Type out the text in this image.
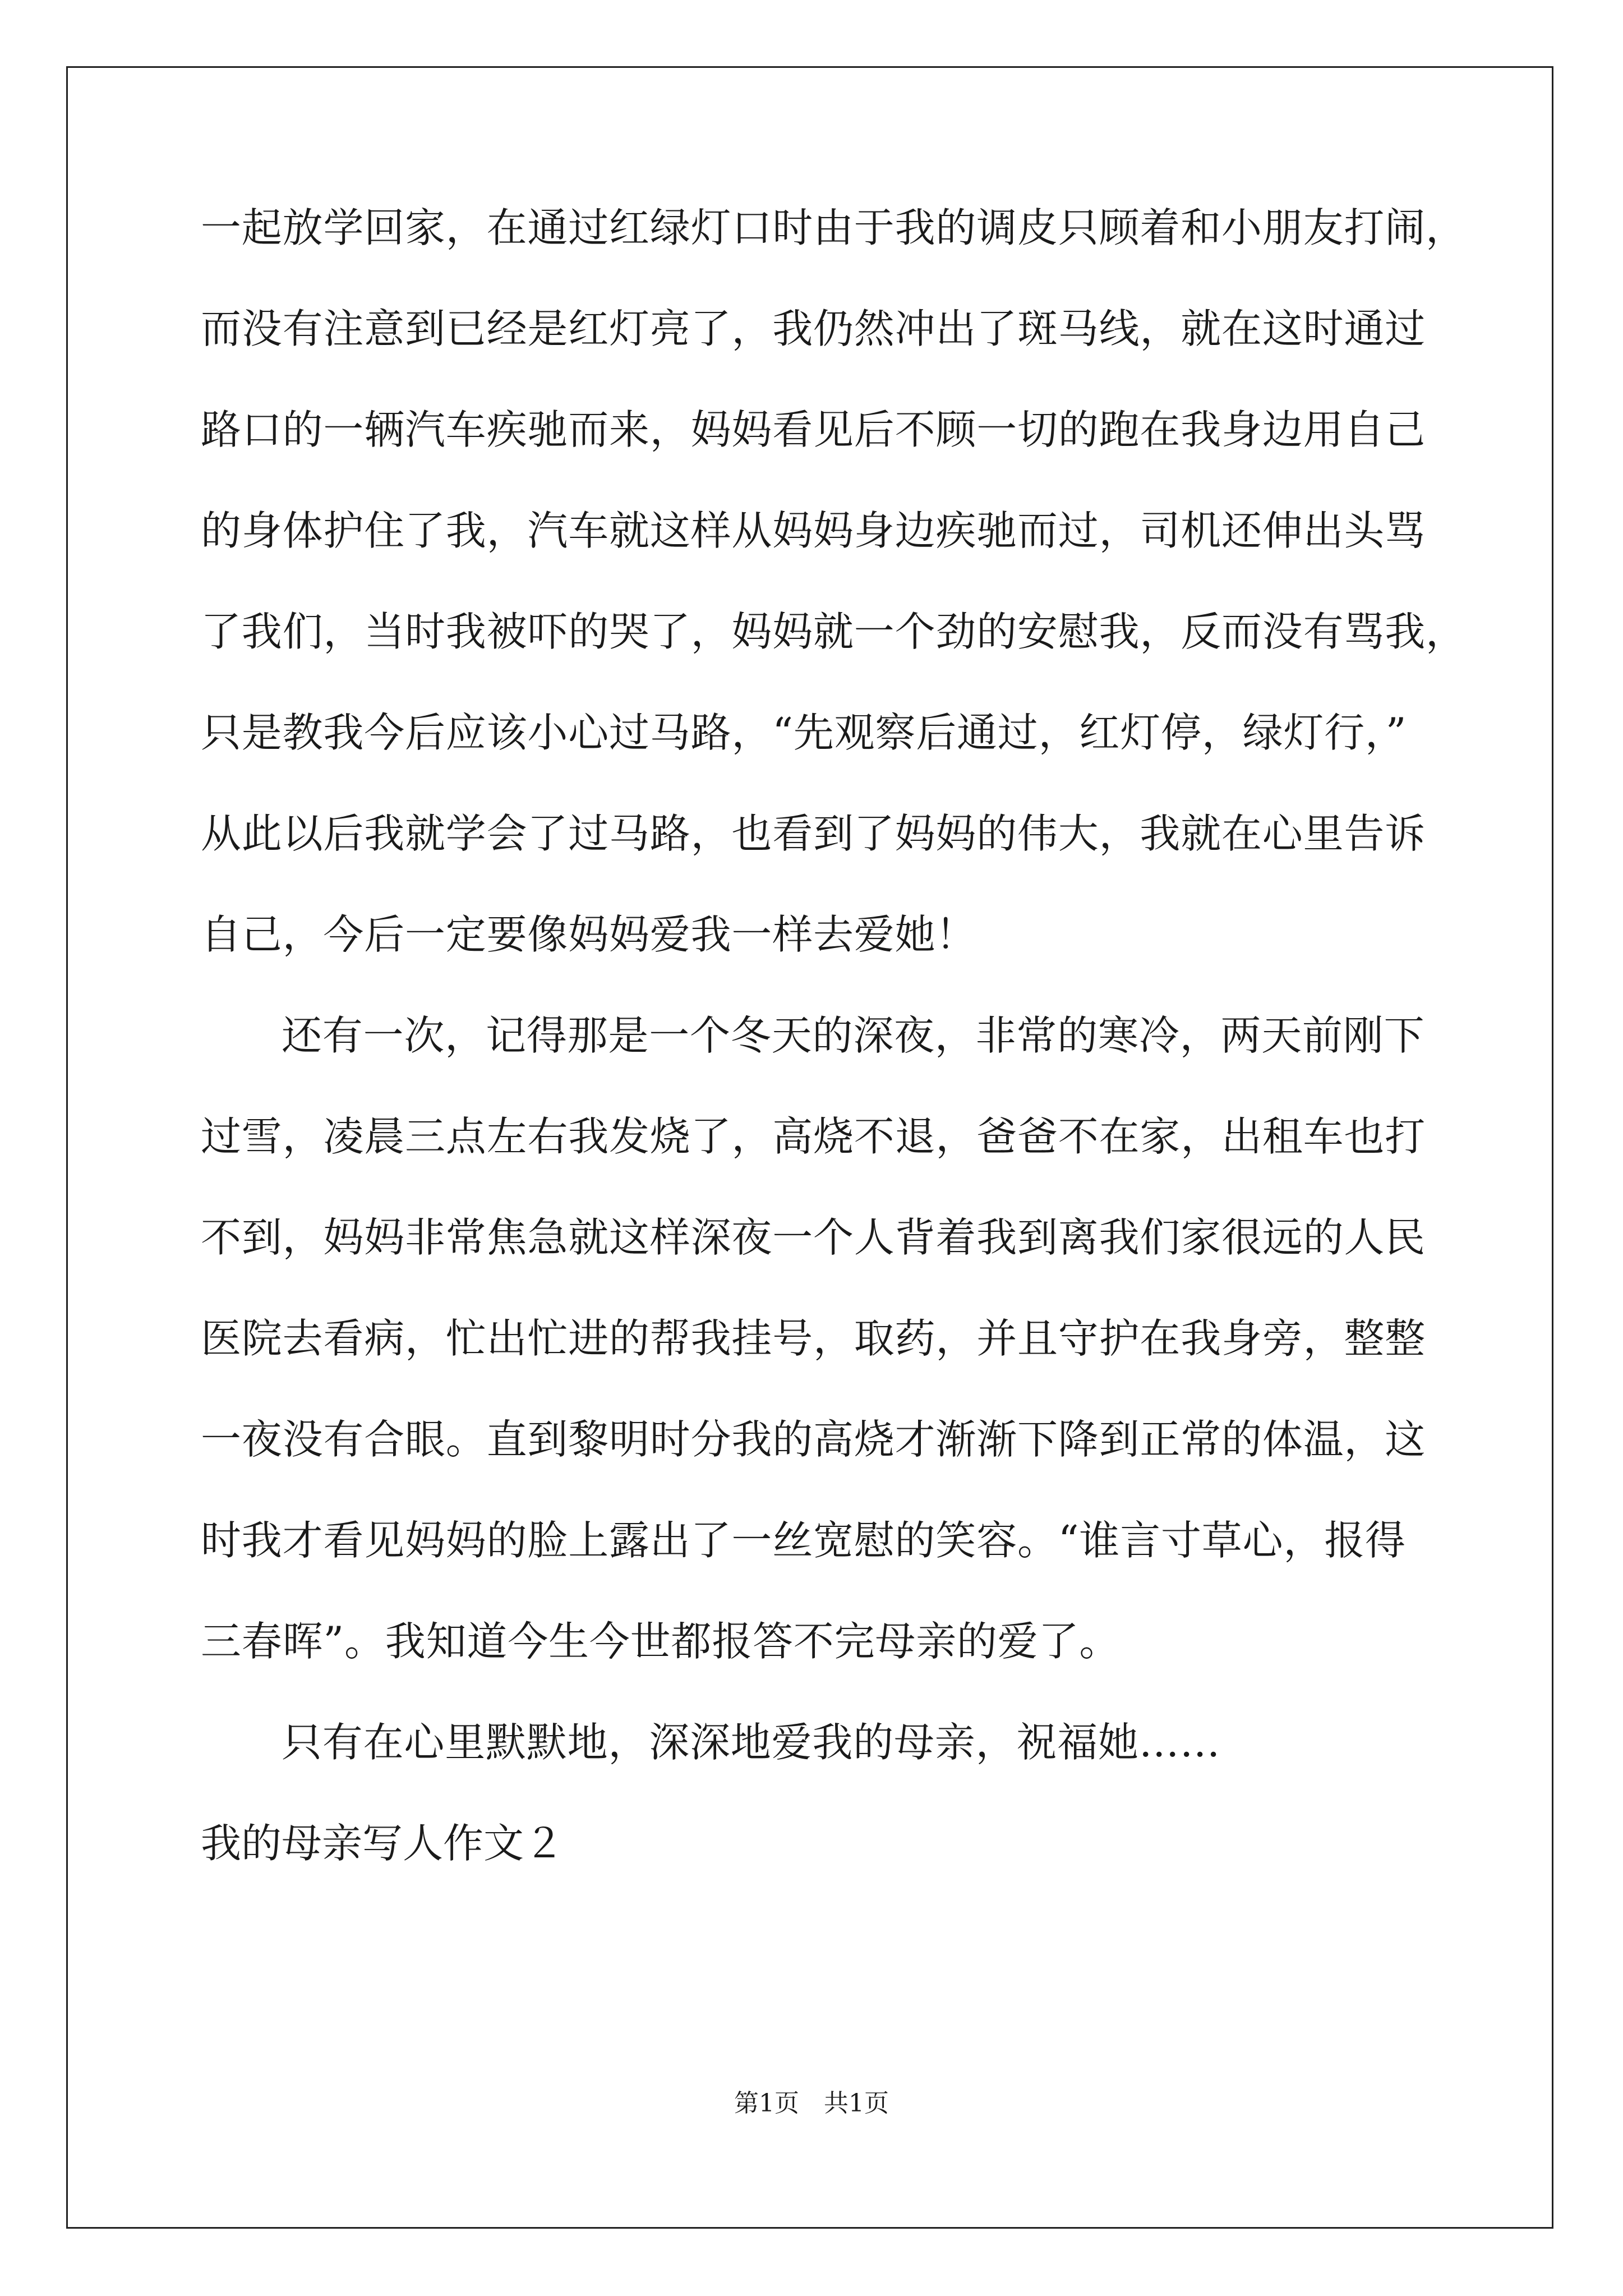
一起放学回家，在通过红绿灯口时由于我的调皮只顾着和小朋友打闹，
而没有注意到已经是红灯亮了，我仍然冲出了斑马线，就在这时通过
路口的一辆汽车疾驰而来，妈妈看见后不顾一切的跑在我身边用自己
的身体护住了我，汽车就这样从妈妈身边疾驰而过，司机还伸出头骂
了我们，当时我被吓的哭了，妈妈就一个劲的安慰我，反而没有骂我，
只是教我今后应该小心过马路，“先观察后通过，红灯停，绿灯行，”
从此以后我就学会了过马路，也看到了妈妈的伟大，我就在心里告诉
自己，今后一定要像妈妈爱我一样去爱她！
还有一次，记得那是一个冬天的深夜，非常的寒冷，两天前刚下
过雪，凌晨三点左右我发烧了，高烧不退，爸爸不在家，出租车也打
不到，妈妈非常焦急就这样深夜一个人背着我到离我们家很远的人民
医院去看病，忙出忙进的帮我挂号，取药，并且守护在我身旁，整整
一夜没有合眼。直到黎明时分我的高烧才渐渐下降到正常的体温，这
时我才看见妈妈的脸上露出了一丝宽慰的笑容。“谁言寸草心，报得
三春晖”。我知道今生今世都报答不完母亲的爱了。
只有在心里默默地，深深地爱我的母亲，祝福她……
我的母亲写人作文２
第1页　共1页
